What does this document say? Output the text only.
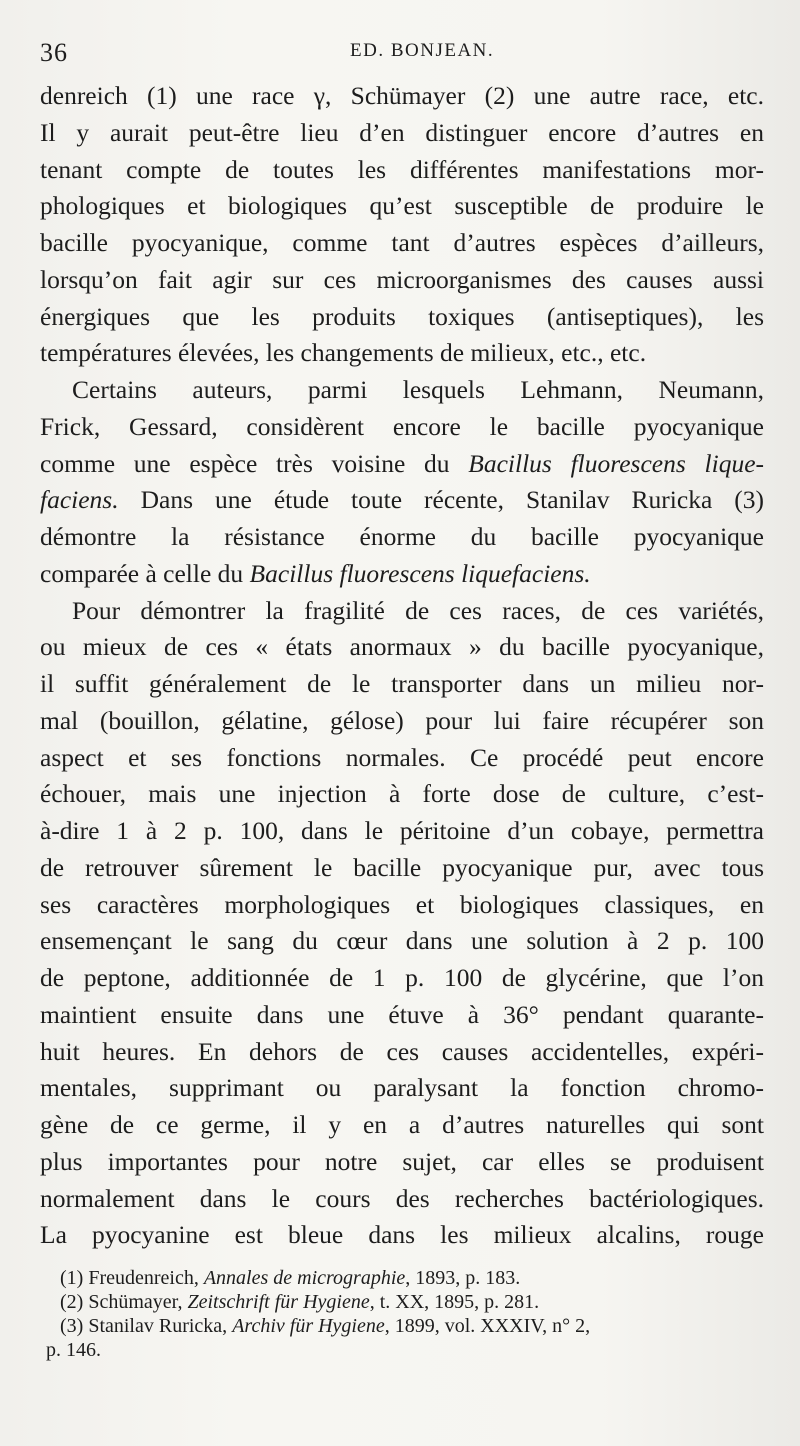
36	ED. BONJEAN.
denreich (1) une race γ, Schümayer (2) une autre race, etc.
Il y aurait peut-être lieu d’en distinguer encore d’autres en
tenant compte de toutes les différentes manifestations mor-
phologiques et biologiques qu’est susceptible de produire le
bacille pyocyanique, comme tant d’autres espèces d’ailleurs,
lorsqu’on fait agir sur ces microorganismes des causes aussi
énergiques que les produits toxiques (antiseptiques), les
températures élevées, les changements de milieux, etc., etc.
Certains auteurs, parmi lesquels Lehmann, Neumann,
Frick, Gessard, considèrent encore le bacille pyocyanique
comme une espèce très voisine du Bacillus fluorescens lique-
faciens. Dans une étude toute récente, Stanilav Ruricka (3)
démontre la résistance énorme du bacille pyocyanique
comparée à celle du Bacillus fluorescens liquefaciens.
Pour démontrer la fragilité de ces races, de ces variétés,
ou mieux de ces « états anormaux » du bacille pyocyanique,
il suffit généralement de le transporter dans un milieu nor-
mal (bouillon, gélatine, gélose) pour lui faire récupérer son
aspect et ses fonctions normales. Ce procédé peut encore
échouer, mais une injection à forte dose de culture, c’est-
à-dire 1 à 2 p. 100, dans le péritoine d’un cobaye, permettra
de retrouver sûrement le bacille pyocyanique pur, avec tous
ses caractères morphologiques et biologiques classiques, en
ensemençant le sang du cœur dans une solution à 2 p. 100
de peptone, additionnée de 1 p. 100 de glycérine, que l’on
maintient ensuite dans une étuve à 36° pendant quarante-
huit heures. En dehors de ces causes accidentelles, expéri-
mentales, supprimant ou paralysant la fonction chromo-
gène de ce germe, il y en a d’autres naturelles qui sont
plus importantes pour notre sujet, car elles se produisent
normalement dans le cours des recherches bactériologiques.
La pyocyanine est bleue dans les milieux alcalins, rouge
(1) Freudenreich, Annales de micrographie, 1893, p. 183.
(2) Schümayer, Zeitschrift für Hygiene, t. XX, 1895, p. 281.
(3) Stanilav Ruricka, Archiv für Hygiene, 1899, vol. XXXIV, n° 2,
p. 146.
